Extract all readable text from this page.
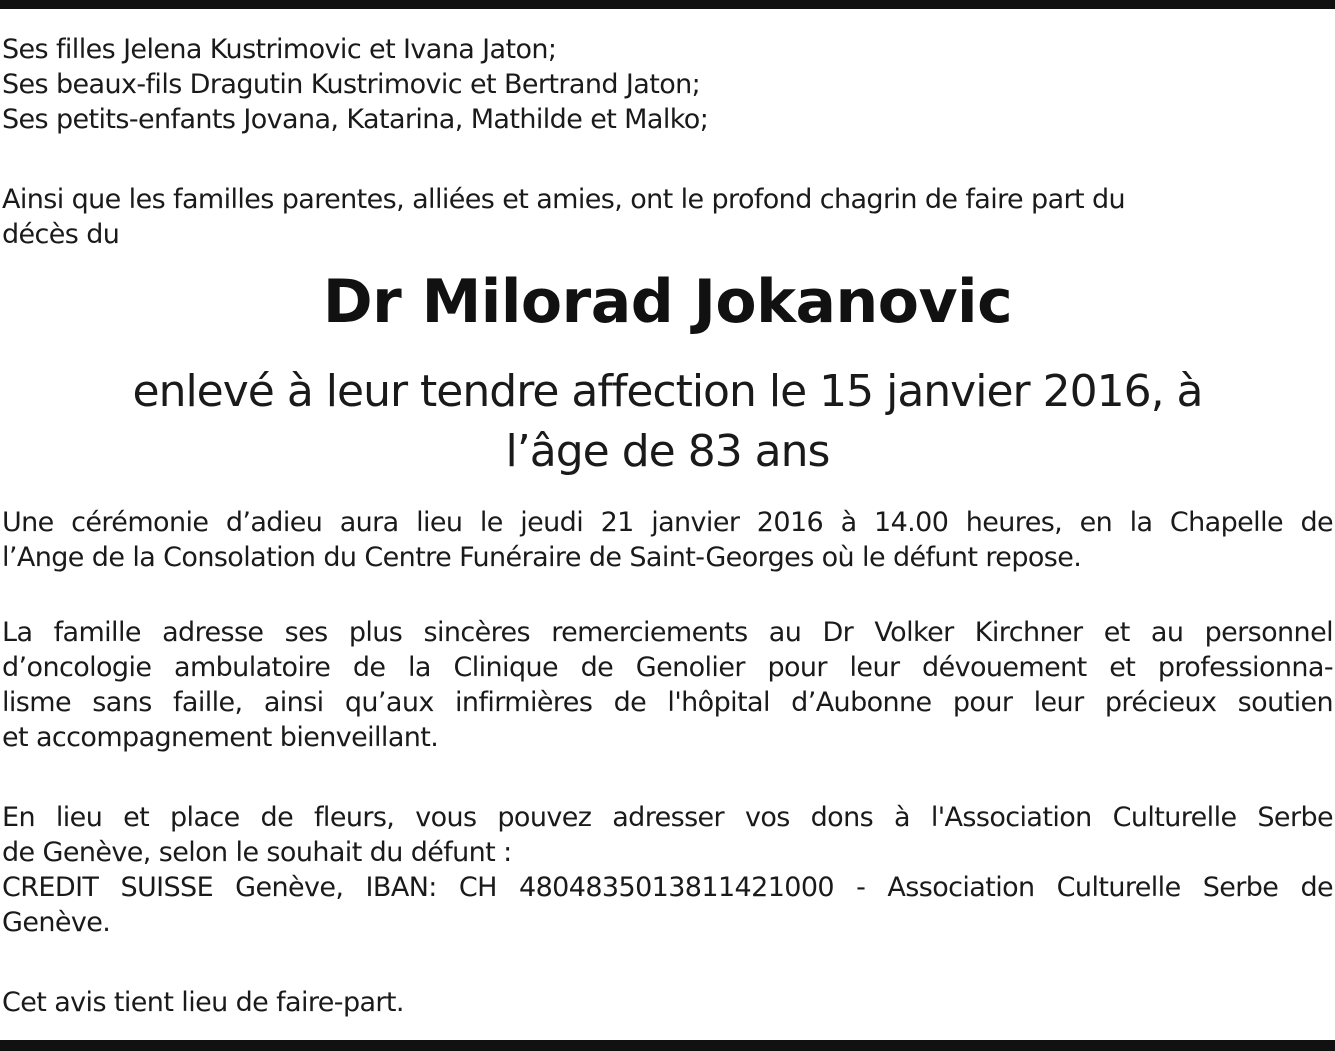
Ses filles Jelena Kustrimovic et Ivana Jaton;
Ses beaux-fils Dragutin Kustrimovic et Bertrand Jaton;
Ses petits-enfants Jovana, Katarina, Mathilde et Malko;

Ainsi que les familles parentes, alliées et amies, ont le profond chagrin de faire part du
décès du

Dr Milorad Jokanovic

enlevé à leur tendre affection le 15 janvier 2016, à
l’âge de 83 ans

Une cérémonie d’adieu aura lieu le jeudi 21 janvier 2016 à 14.00 heures, en la Chapelle de
l’Ange de la Consolation du Centre Funéraire de Saint-Georges où le défunt repose.

La famille adresse ses plus sincères remerciements au Dr Volker Kirchner et au personnel
d’oncologie ambulatoire de la Clinique de Genolier pour leur dévouement et professionna-
lisme sans faille, ainsi qu’aux infirmières de l'hôpital d’Aubonne pour leur précieux soutien
et accompagnement bienveillant.

En lieu et place de fleurs, vous pouvez adresser vos dons à l'Association Culturelle Serbe
de Genève, selon le souhait du défunt :
CREDIT SUISSE Genève, IBAN: CH 4804835013811421000 - Association Culturelle Serbe de
Genève.

Cet avis tient lieu de faire-part.
